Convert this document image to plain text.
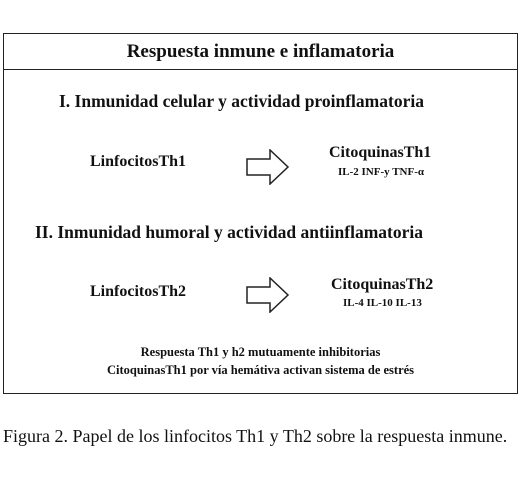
Respuesta inmune e inflamatoria
I. Inmunidad celular y actividad proinflamatoria
LinfocitosTh1
CitoquinasTh1
IL-2 INF-y TNF-α
II. Inmunidad humoral y actividad antiinflamatoria
LinfocitosTh2	CitoquinasTh2
IL-4 IL-10 IL-13
Respuesta Th1 y h2 mutuamente inhibitorias
CitoquinasTh1 por vía hemátiva activan sistema de estrés
Figura 2. Papel de los linfocitos Th1 y Th2 sobre la respuesta inmune.
